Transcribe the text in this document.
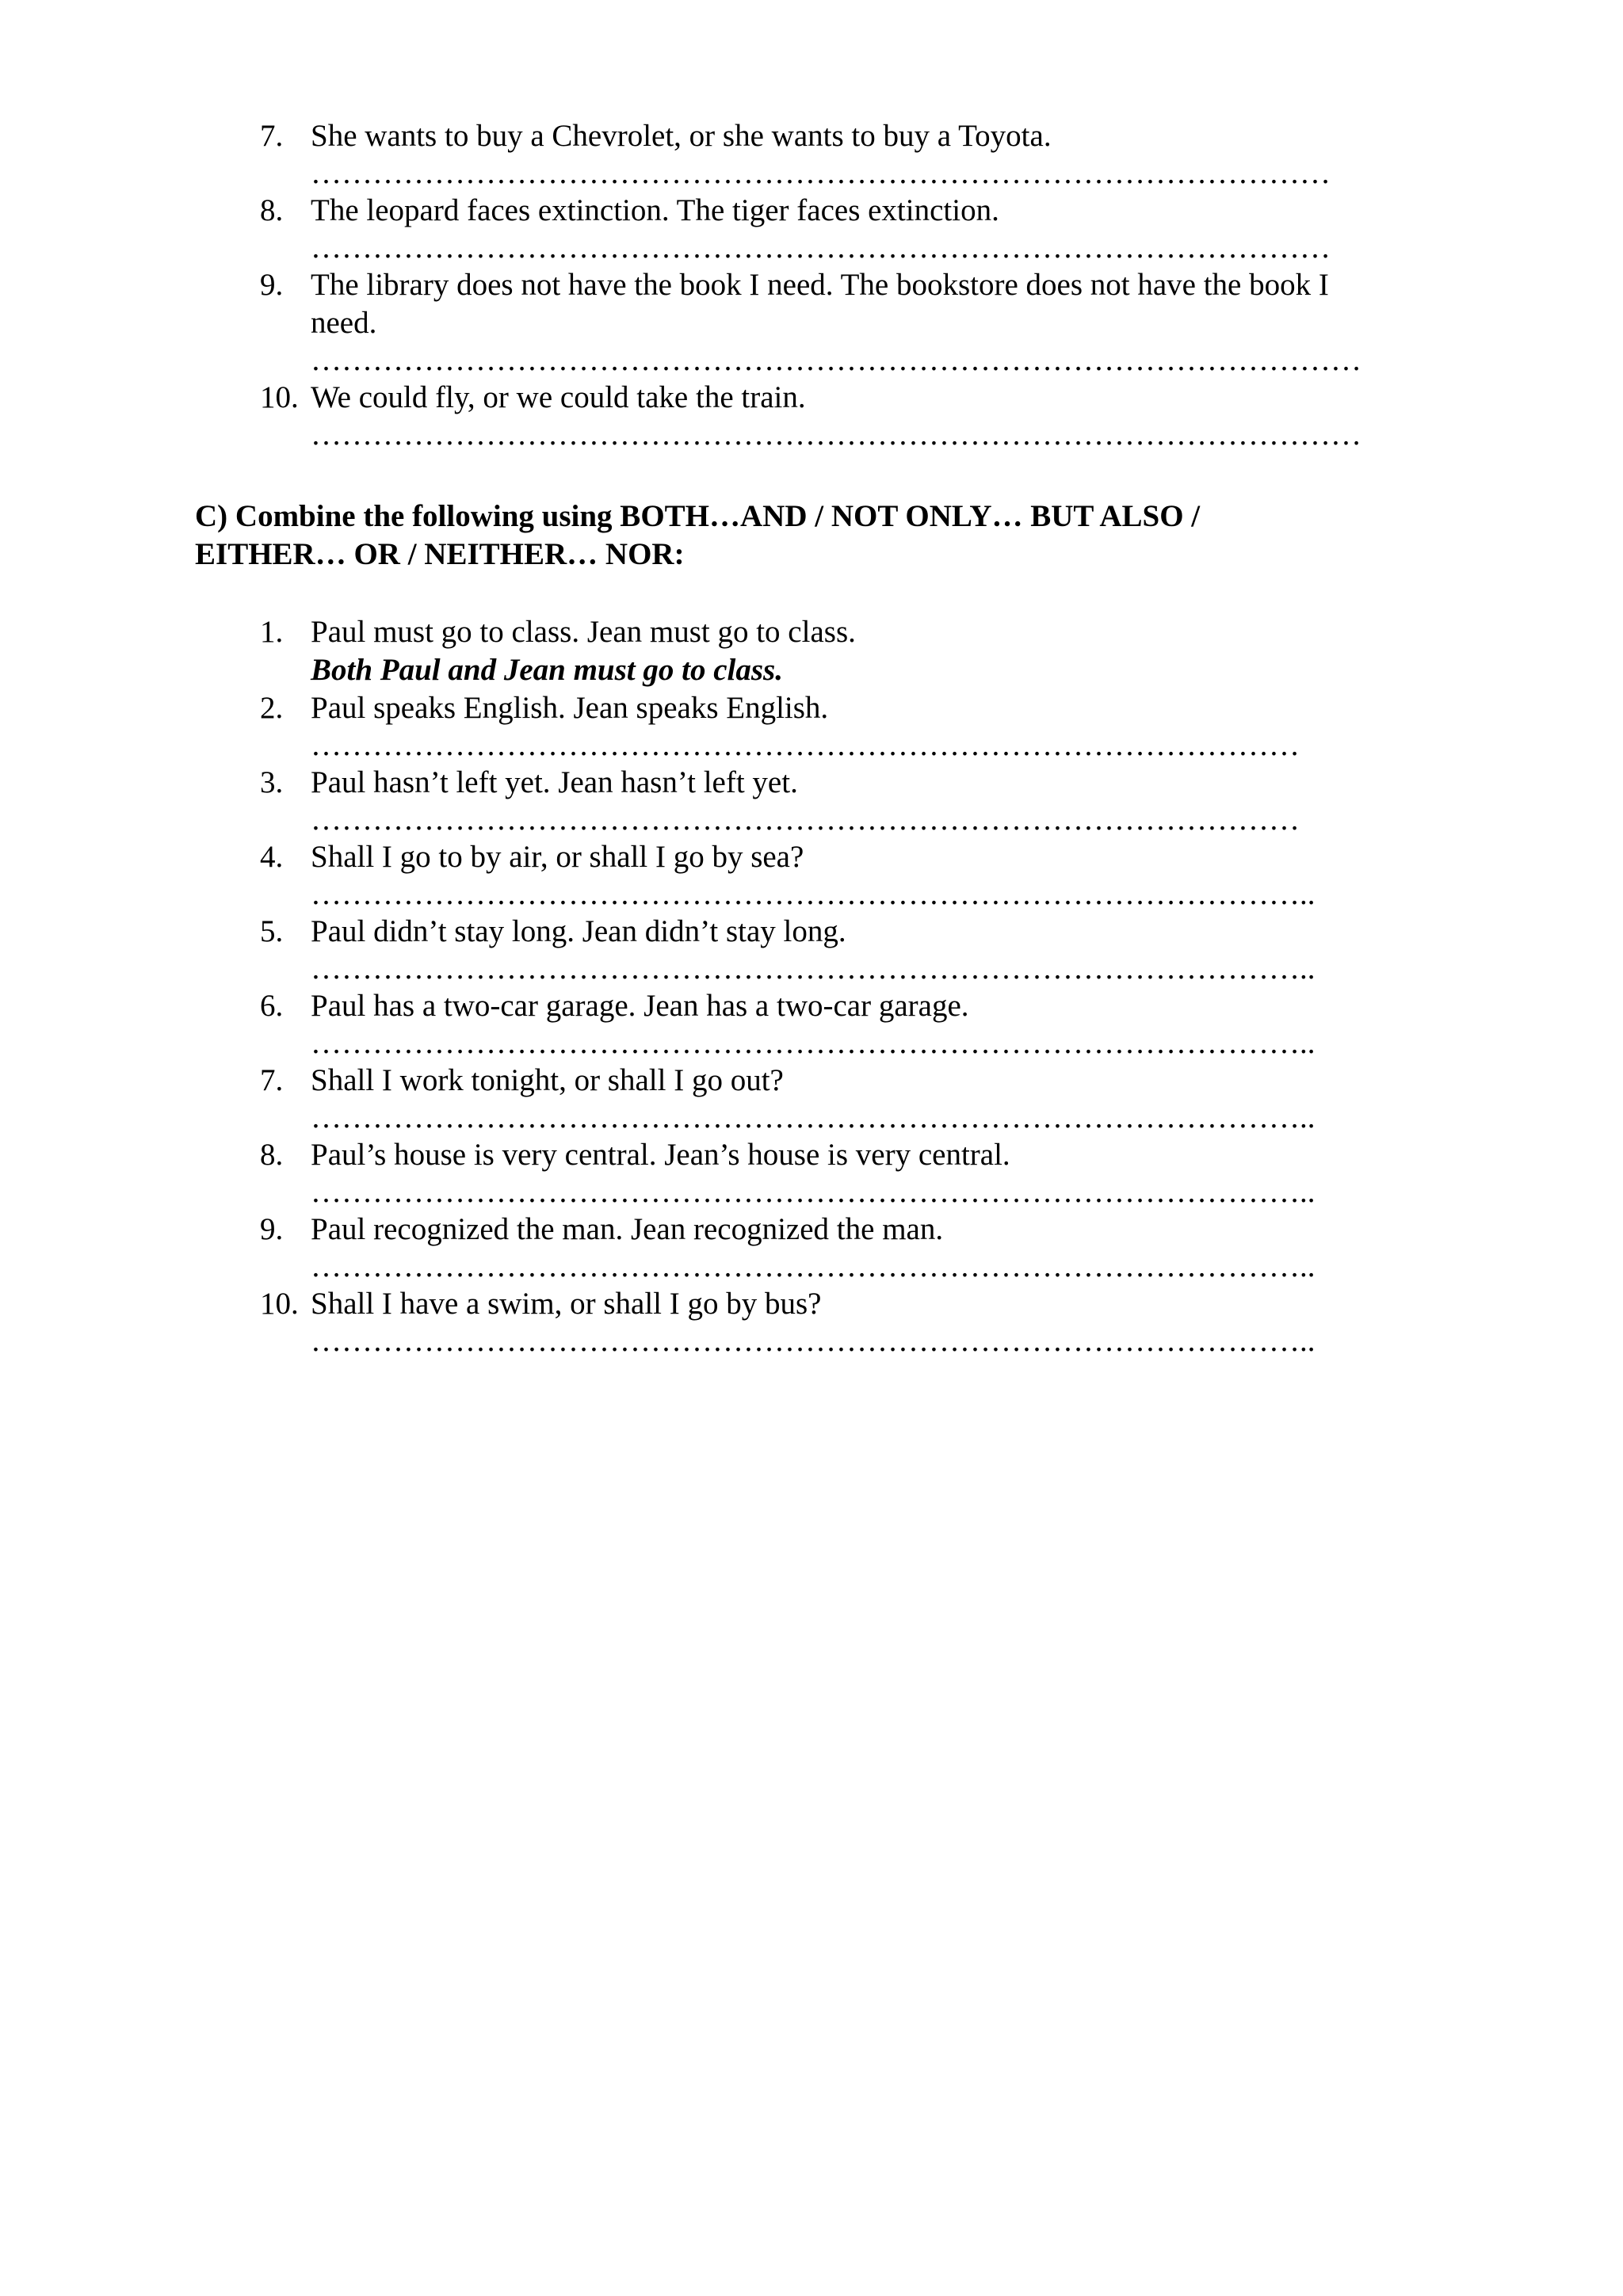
7. She wants to buy a Chevrolet, or she wants to buy a Toyota.
………………………………………………………………………………………
8. The leopard faces extinction. The tiger faces extinction.
………………………………………………………………………………………
9. The library does not have the book I need. The bookstore does not have the book I need.
…………………………………………………………………………………………
10. We could fly, or we could take the train.
…………………………………………………………………………………………
C) Combine the following using BOTH…AND / NOT ONLY… BUT ALSO /
EITHER… OR / NEITHER… NOR:
1. Paul must go to class. Jean must go to class.
Both Paul and Jean must go to class.
2. Paul speaks English. Jean speaks English.
……………………………………………………………………………………
3. Paul hasn’t left yet. Jean hasn’t left yet.
……………………………………………………………………………………
4. Shall I go to by air, or shall I go by sea?
……………………………………………………………………………………..
5. Paul didn’t stay long. Jean didn’t stay long.
……………………………………………………………………………………..
6. Paul has a two-car garage. Jean has a two-car garage.
……………………………………………………………………………………..
7. Shall I work tonight, or shall I go out?
……………………………………………………………………………………..
8. Paul’s house is very central. Jean’s house is very central.
……………………………………………………………………………………..
9. Paul recognized the man. Jean recognized the man.
……………………………………………………………………………………..
10. Shall I have a swim, or shall I go by bus?
……………………………………………………………………………………..
